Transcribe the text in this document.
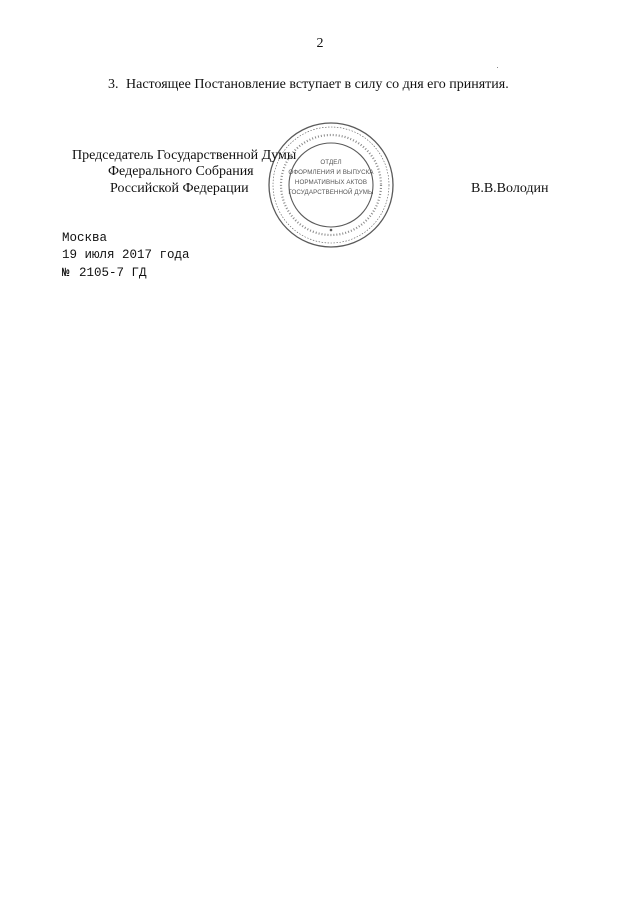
2
3. Настоящее Постановление вступает в силу со дня его принятия.
ОТДЕЛ
ОФОРМЛЕНИЯ И ВЫПУСКА
НОРМАТИВНЫХ АКТОВ
ГОСУДАРСТВЕННОЙ ДУМЫ
Председатель Государственной Думы
Федерального Собрания
Российской Федерации	В.В.Володин
Москва
19 июля 2017 года
№ 2105-7 ГД
